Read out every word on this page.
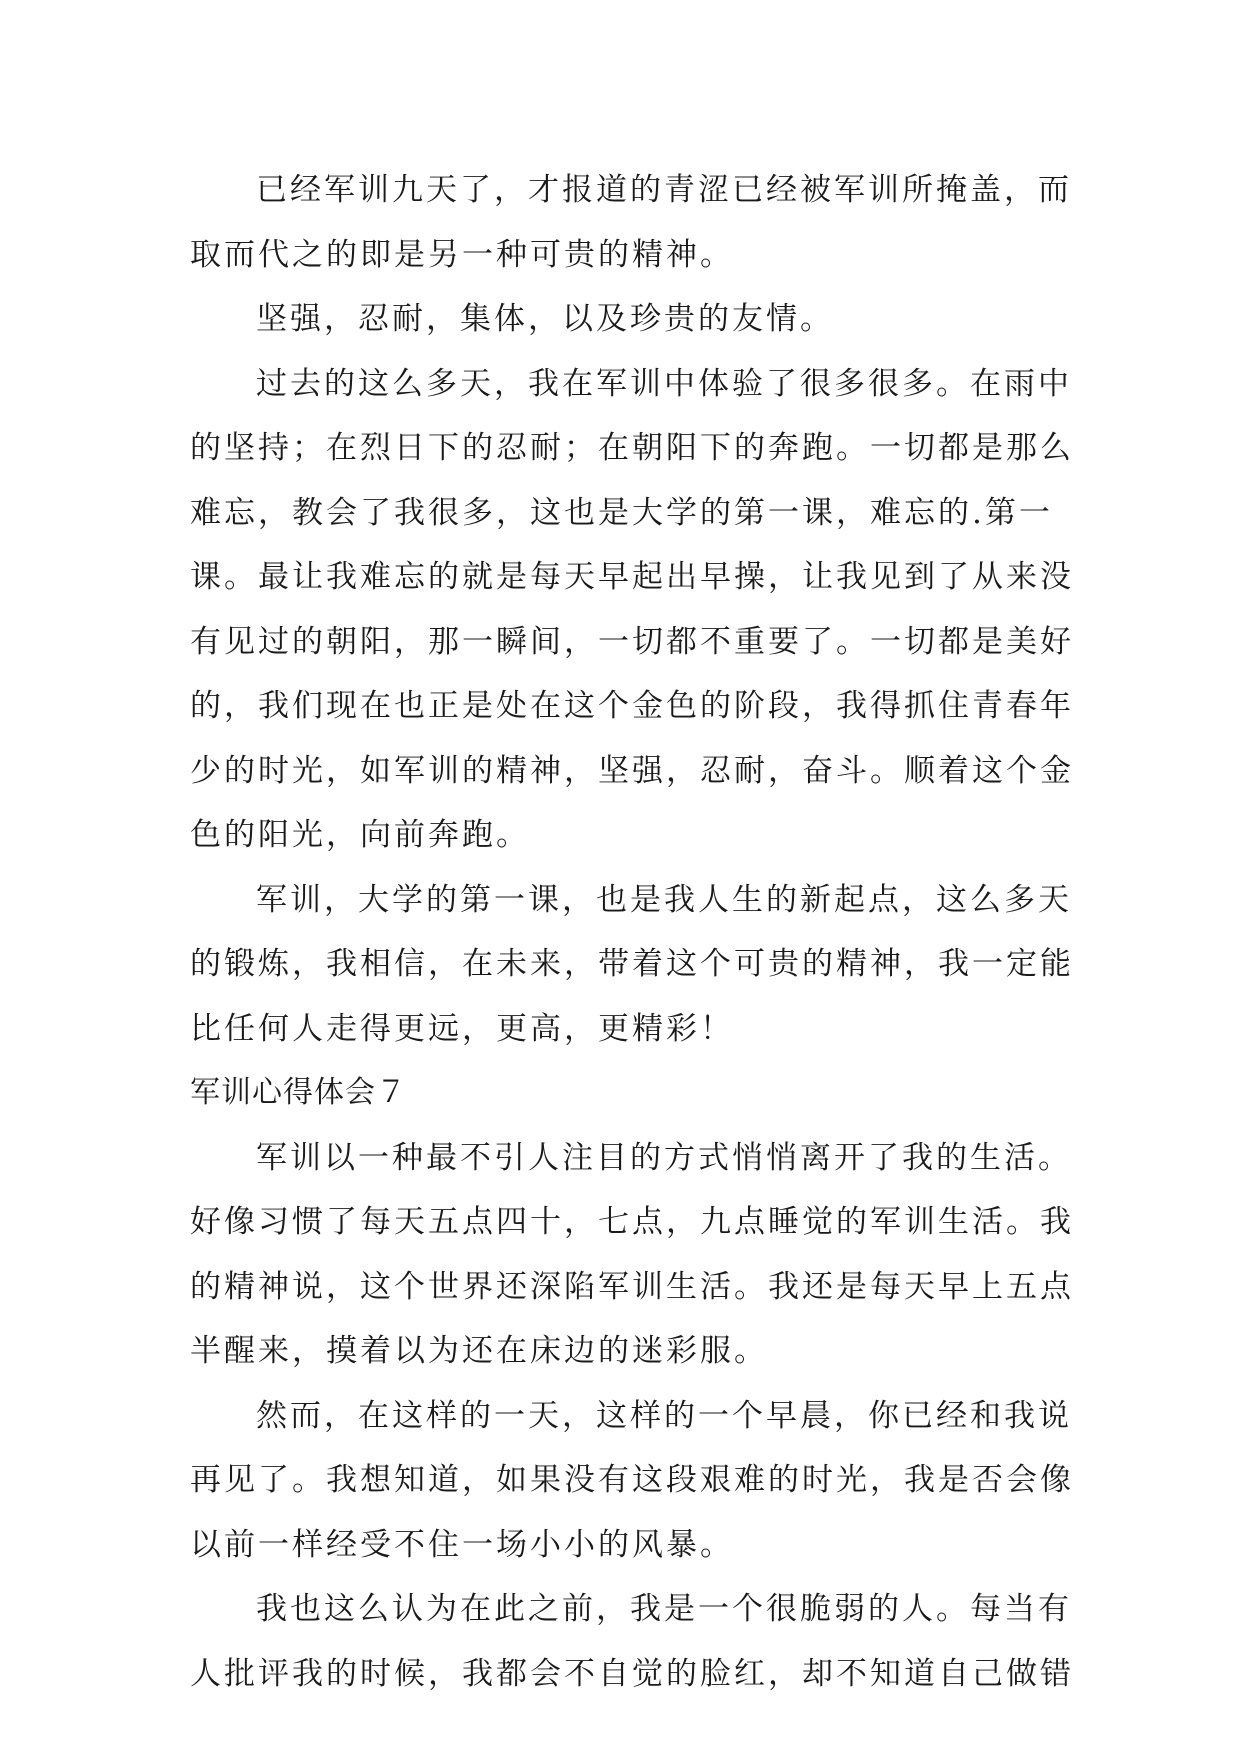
已经军训九天了，才报道的青涩已经被军训所掩盖，而
取而代之的即是另一种可贵的精神。

坚强，忍耐，集体，以及珍贵的友情。

过去的这么多天，我在军训中体验了很多很多。在雨中
的坚持；在烈日下的忍耐；在朝阳下的奔跑。一切都是那么
难忘，教会了我很多，这也是大学的第一课，难忘的.第一
课。最让我难忘的就是每天早起出早操，让我见到了从来没
有见过的朝阳，那一瞬间，一切都不重要了。一切都是美好
的，我们现在也正是处在这个金色的阶段，我得抓住青春年
少的时光，如军训的精神，坚强，忍耐，奋斗。顺着这个金
色的阳光，向前奔跑。

军训，大学的第一课，也是我人生的新起点，这么多天
的锻炼，我相信，在未来，带着这个可贵的精神，我一定能
比任何人走得更远，更高，更精彩！

军训心得体会７

军训以一种最不引人注目的方式悄悄离开了我的生活。
好像习惯了每天五点四十，七点，九点睡觉的军训生活。我
的精神说，这个世界还深陷军训生活。我还是每天早上五点
半醒来，摸着以为还在床边的迷彩服。

然而，在这样的一天，这样的一个早晨，你已经和我说
再见了。我想知道，如果没有这段艰难的时光，我是否会像
以前一样经受不住一场小小的风暴。

我也这么认为在此之前，我是一个很脆弱的人。每当有
人批评我的时候，我都会不自觉的脸红，却不知道自己做错
